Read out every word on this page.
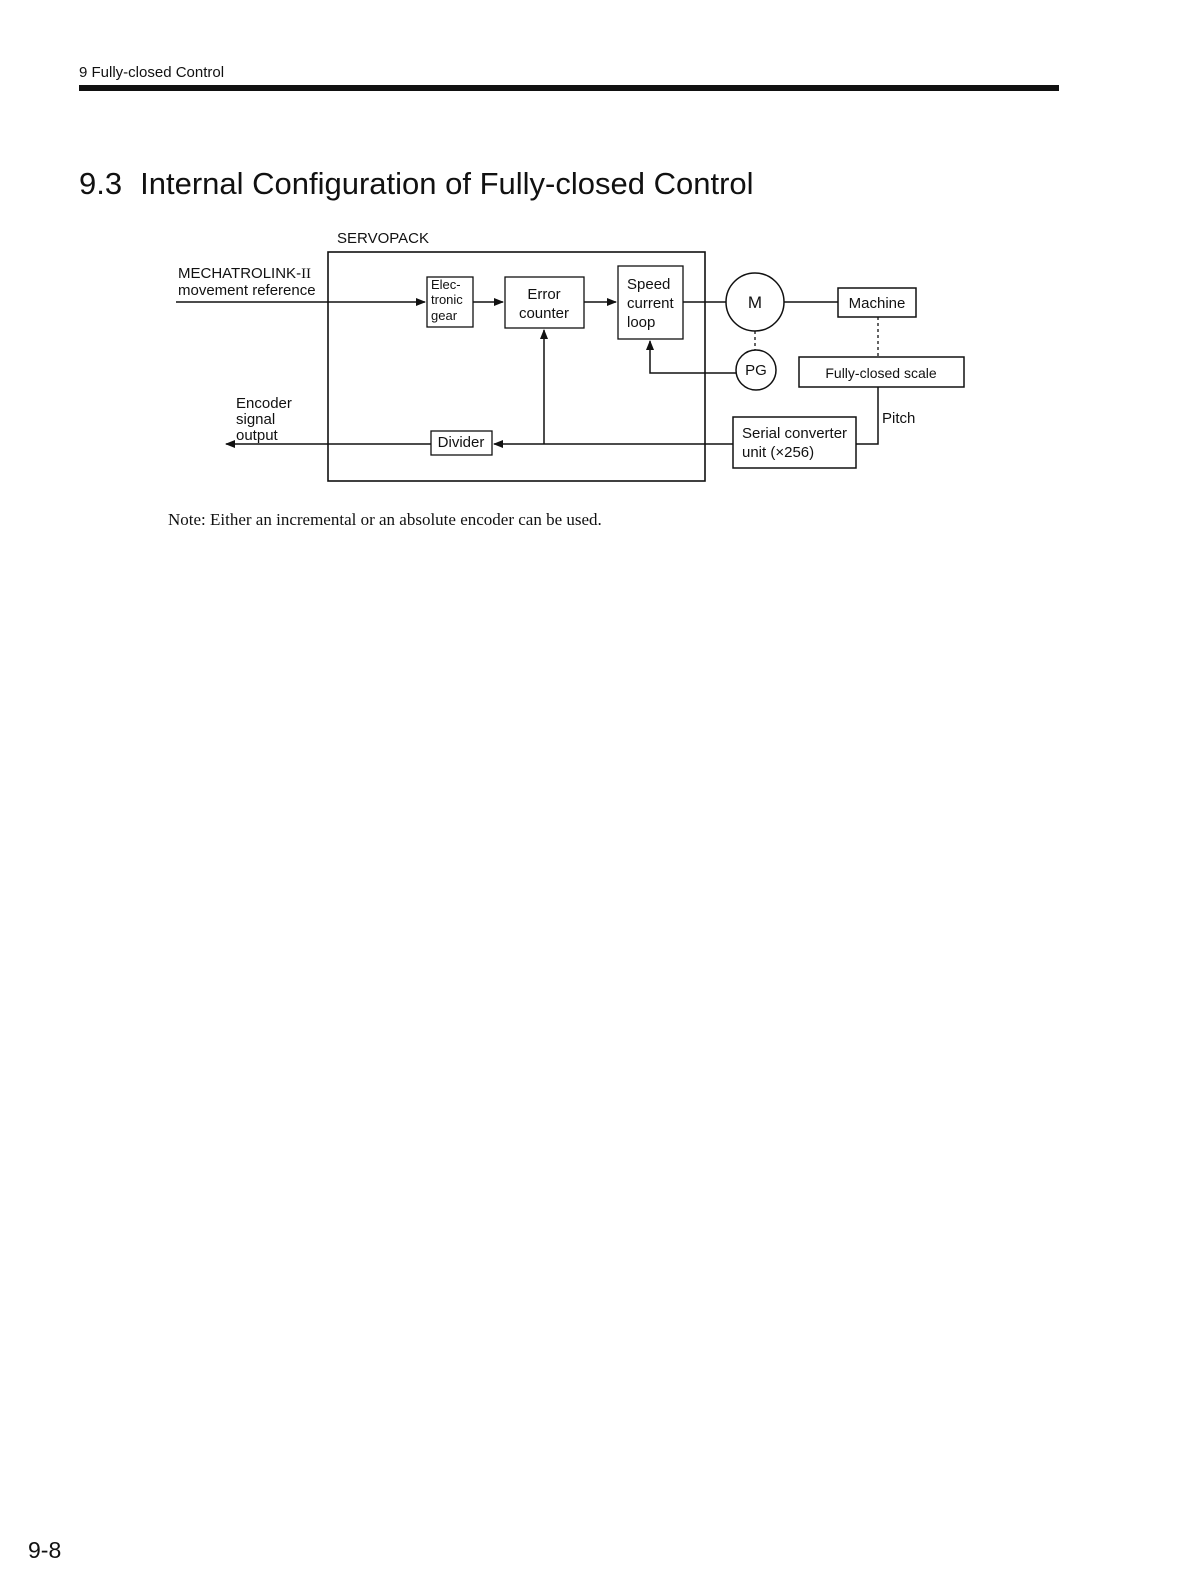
9 Fully-closed Control
9.3 Internal Configuration of Fully-closed Control
SERVOPACK
MECHATROLINK-II
movement reference	Elec-
tronic
gear
Error
counter
Speed
current
loop
M	Machine
PG	Fully-closed scale
Pitch
Serial converter
unit (×256)
Divider
Encoder
signal
output
Note: Either an incremental or an absolute encoder can be used.
9-8
